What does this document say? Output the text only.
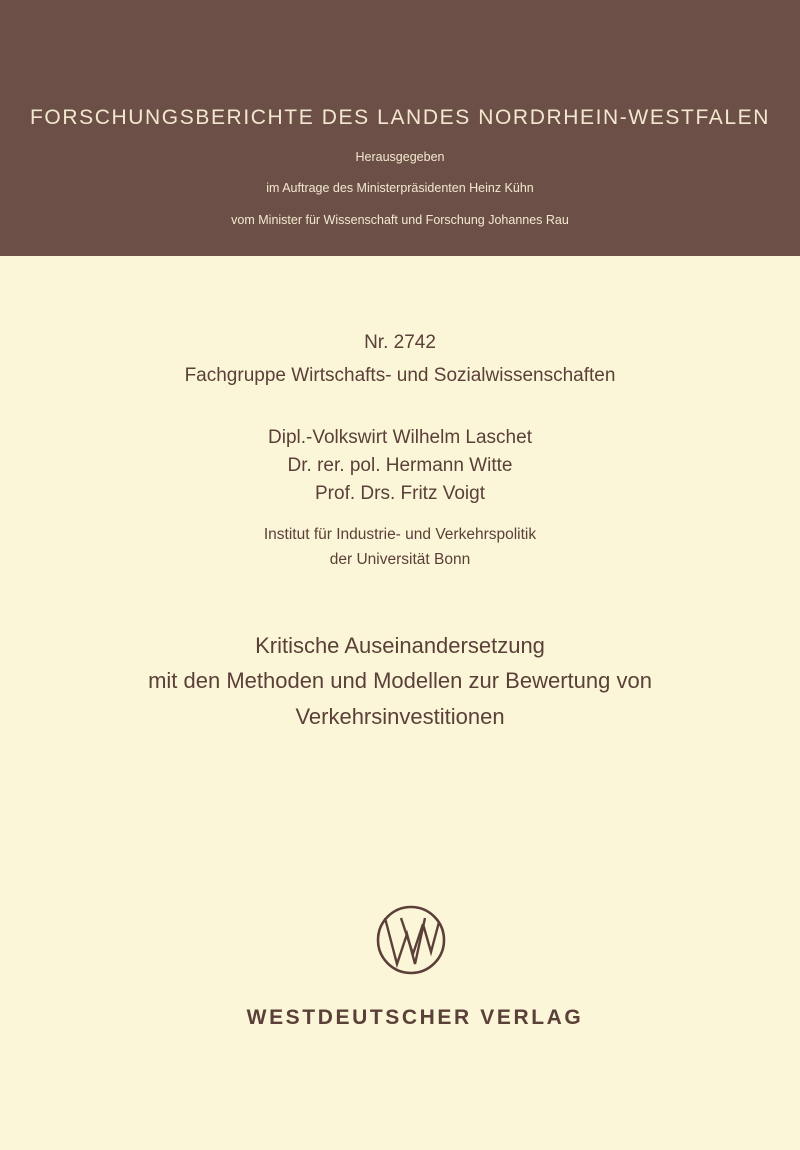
FORSCHUNGSBERICHTE DES LANDES NORDRHEIN-WESTFALEN
Herausgegeben
im Auftrage des Ministerpräsidenten Heinz Kühn
vom Minister für Wissenschaft und Forschung Johannes Rau
Nr. 2742
Fachgruppe Wirtschafts- und Sozialwissenschaften
Dipl.-Volkswirt Wilhelm Laschet
Dr. rer. pol. Hermann Witte
Prof. Drs. Fritz Voigt
Institut für Industrie- und Verkehrspolitik
der Universität Bonn
Kritische Auseinandersetzung
mit den Methoden und Modellen zur Bewertung von
Verkehrsinvestitionen
WESTDEUTSCHER VERLAG
